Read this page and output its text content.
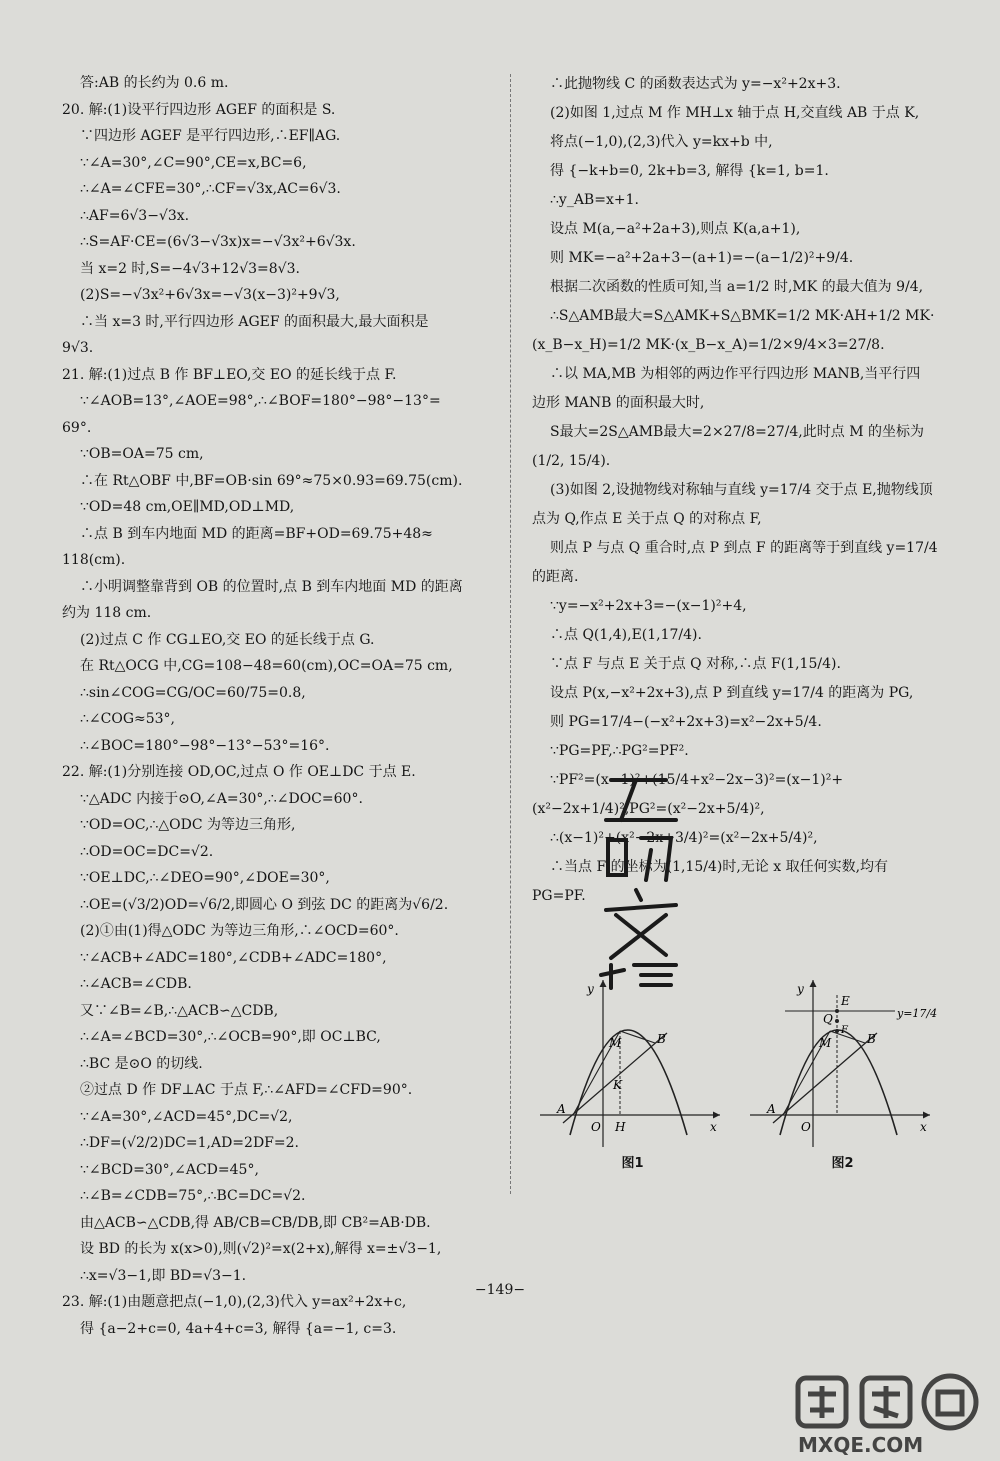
答:AB 的长约为 0.6 m.
20. 解:(1)设平行四边形 AGEF 的面积是 S.
∵四边形 AGEF 是平行四边形,∴EF∥AG.
∵∠A=30°,∠C=90°,CE=x,BC=6,
∴∠A=∠CFE=30°,∴CF=√3x,AC=6√3.
∴AF=6√3−√3x.
∴S=AF·CE=(6√3−√3x)x=−√3x²+6√3x.
当 x=2 时,S=−4√3+12√3=8√3.
(2)S=−√3x²+6√3x=−√3(x−3)²+9√3,
∴当 x=3 时,平行四边形 AGEF 的面积最大,最大面积是
9√3.
21. 解:(1)过点 B 作 BF⊥EO,交 EO 的延长线于点 F.
∵∠AOB=13°,∠AOE=98°,∴∠BOF=180°−98°−13°=
69°.
∵OB=OA=75 cm,
∴在 Rt△OBF 中,BF=OB·sin 69°≈75×0.93=69.75(cm).
∵OD=48 cm,OE∥MD,OD⊥MD,
∴点 B 到车内地面 MD 的距离=BF+OD=69.75+48≈
118(cm).
∴小明调整靠背到 OB 的位置时,点 B 到车内地面 MD 的距离
约为 118 cm.
(2)过点 C 作 CG⊥EO,交 EO 的延长线于点 G.
在 Rt△OCG 中,CG=108−48=60(cm),OC=OA=75 cm,
∴sin∠COG=CG/OC=60/75=0.8,
∴∠COG≈53°,
∴∠BOC=180°−98°−13°−53°=16°.
22. 解:(1)分别连接 OD,OC,过点 O 作 OE⊥DC 于点 E.
∵△ADC 内接于⊙O,∠A=30°,∴∠DOC=60°.
∵OD=OC,∴△ODC 为等边三角形,
∴OD=OC=DC=√2.
∵OE⊥DC,∴∠DEO=90°,∠DOE=30°,
∴OE=(√3/2)OD=√6/2,即圆心 O 到弦 DC 的距离为√6/2.
(2)①由(1)得△ODC 为等边三角形,∴∠OCD=60°.
∵∠ACB+∠ADC=180°,∠CDB+∠ADC=180°,
∴∠ACB=∠CDB.
又∵∠B=∠B,∴△ACB∽△CDB,
∴∠A=∠BCD=30°,∴∠OCB=90°,即 OC⊥BC,
∴BC 是⊙O 的切线.
②过点 D 作 DF⊥AC 于点 F,∴∠AFD=∠CFD=90°.
∵∠A=30°,∠ACD=45°,DC=√2,
∴DF=(√2/2)DC=1,AD=2DF=2.
∵∠BCD=30°,∠ACD=45°,
∴∠B=∠CDB=75°,∴BC=DC=√2.
由△ACB∽△CDB,得 AB/CB=CB/DB,即 CB²=AB·DB.
设 BD 的长为 x(x>0),则(√2)²=x(2+x),解得 x=±√3−1,
∴x=√3−1,即 BD=√3−1.
23. 解:(1)由题意把点(−1,0),(2,3)代入 y=ax²+2x+c,
得 {a−2+c=0, 4a+4+c=3, 解得 {a=−1, c=3.
∴此抛物线 C 的函数表达式为 y=−x²+2x+3.
(2)如图 1,过点 M 作 MH⊥x 轴于点 H,交直线 AB 于点 K,
将点(−1,0),(2,3)代入 y=kx+b 中,
得 {−k+b=0, 2k+b=3, 解得 {k=1, b=1.
∴y_AB=x+1.
设点 M(a,−a²+2a+3),则点 K(a,a+1),
则 MK=−a²+2a+3−(a+1)=−(a−1/2)²+9/4.
根据二次函数的性质可知,当 a=1/2 时,MK 的最大值为 9/4,
∴S△AMB最大=S△AMK+S△BMK=1/2 MK·AH+1/2 MK·
(x_B−x_H)=1/2 MK·(x_B−x_A)=1/2×9/4×3=27/8.
∴以 MA,MB 为相邻的两边作平行四边形 MANB,当平行四
边形 MANB 的面积最大时,
S最大=2S△AMB最大=2×27/8=27/4,此时点 M 的坐标为
(1/2, 15/4).
(3)如图 2,设抛物线对称轴与直线 y=17/4 交于点 E,抛物线顶
点为 Q,作点 E 关于点 Q 的对称点 F,
则点 P 与点 Q 重合时,点 P 到点 F 的距离等于到直线 y=17/4
的距离.
∵y=−x²+2x+3=−(x−1)²+4,
∴点 Q(1,4),E(1,17/4).
∵点 F 与点 E 关于点 Q 对称,∴点 F(1,15/4).
设点 P(x,−x²+2x+3),点 P 到直线 y=17/4 的距离为 PG,
则 PG=17/4−(−x²+2x+3)=x²−2x+5/4.
∵PG=PF,∴PG²=PF².
∵PF²=(x−1)²+(15/4+x²−2x−3)²=(x−1)²+
(x²−2x+1/4)²,PG²=(x²−2x+5/4)²,
∴(x−1)²+(x²−2x+3/4)²=(x²−2x+5/4)²,
∴当点 F 的坐标为(1,15/4)时,无论 x 取任何实数,均有
PG=PF.
y
x
A
O H
M	B
K
图1
y
x
A
O
E
Q
F
M	B
y=17/4
图2
−149−
MXQE.COM
